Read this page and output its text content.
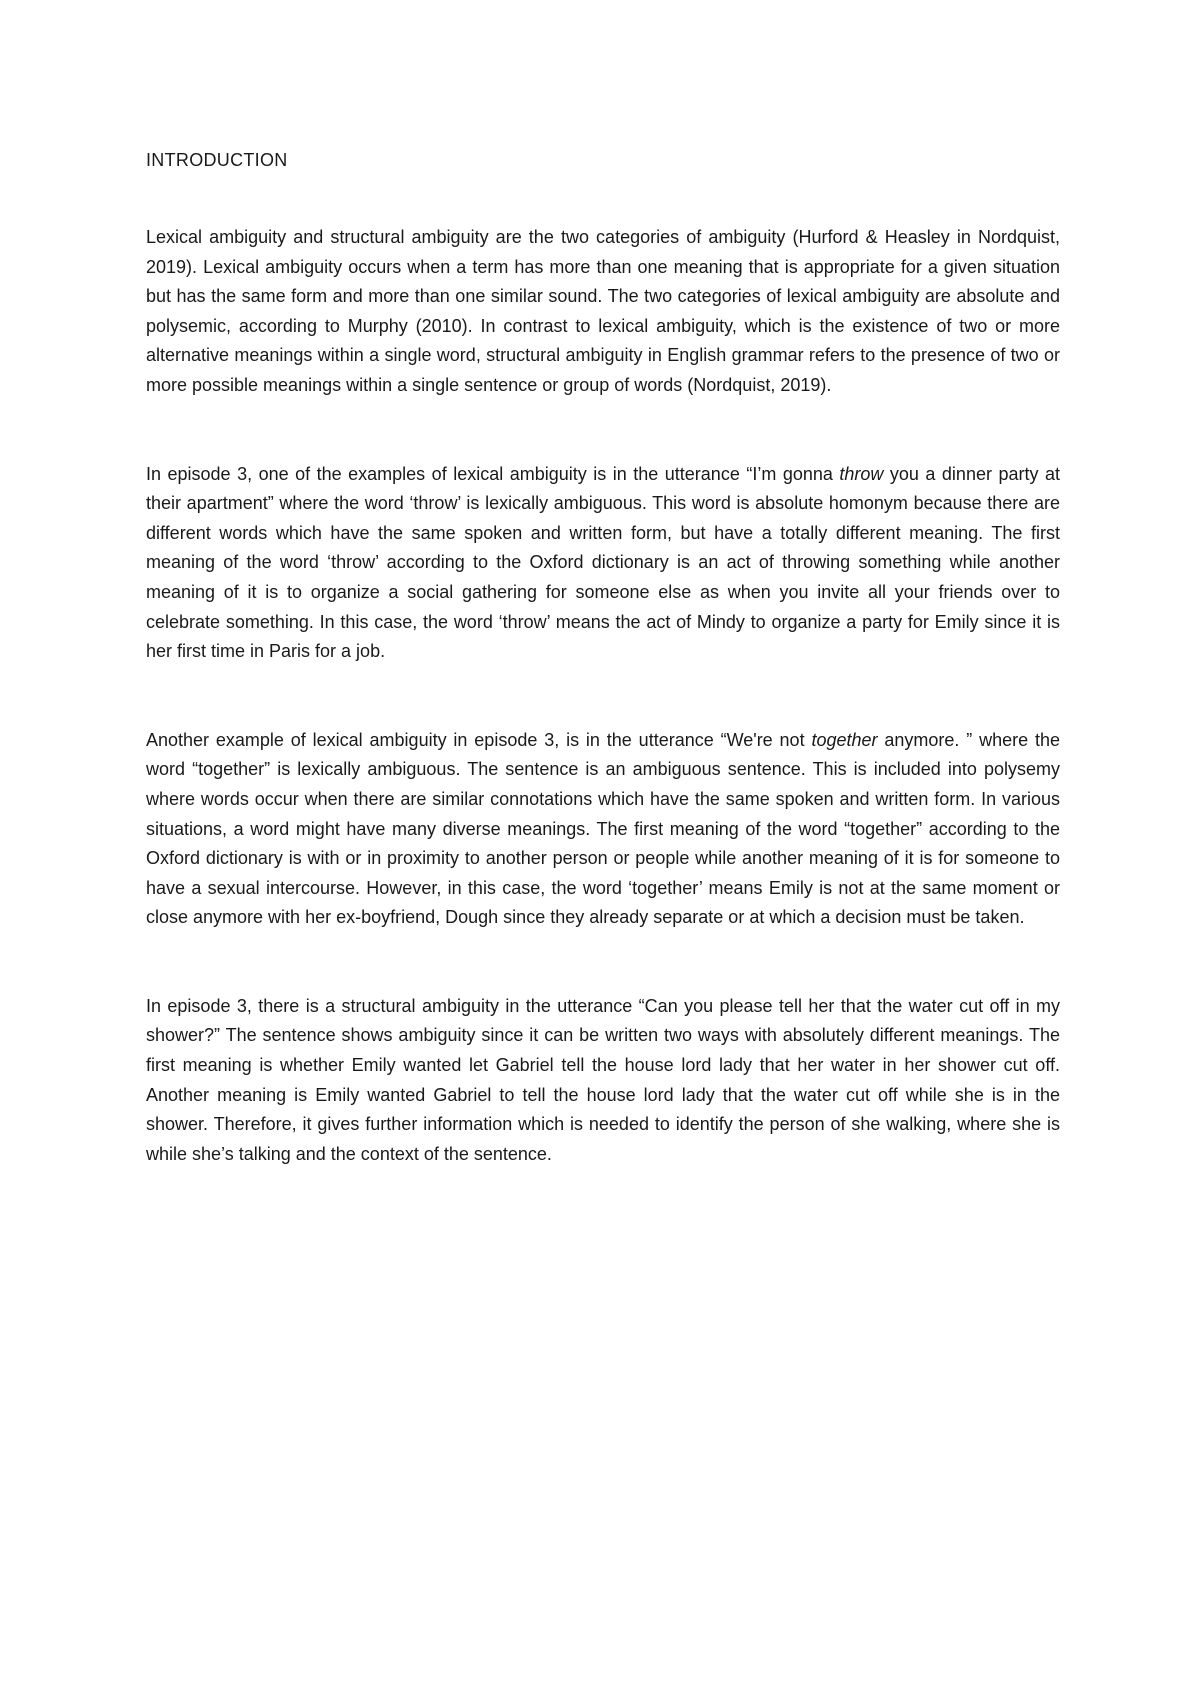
INTRODUCTION

Lexical ambiguity and structural ambiguity are the two categories of ambiguity (Hurford & Heasley in Nordquist, 2019). Lexical ambiguity occurs when a term has more than one meaning that is appropriate for a given situation but has the same form and more than one similar sound. The two categories of lexical ambiguity are absolute and polysemic, according to Murphy (2010). In contrast to lexical ambiguity, which is the existence of two or more alternative meanings within a single word, structural ambiguity in English grammar refers to the presence of two or more possible meanings within a single sentence or group of words (Nordquist, 2019).

In episode 3, one of the examples of lexical ambiguity is in the utterance “I’m gonna throw you a dinner party at their apartment” where the word ‘throw’ is lexically ambiguous. This word is absolute homonym because there are different words which have the same spoken and written form, but have a totally different meaning. The first meaning of the word ‘throw’ according to the Oxford dictionary is an act of throwing something while another meaning of it is to organize a social gathering for someone else as when you invite all your friends over to celebrate something. In this case, the word ‘throw’ means the act of Mindy to organize a party for Emily since it is her first time in Paris for a job.

Another example of lexical ambiguity in episode 3, is in the utterance “We're not together anymore. ” where the word “together” is lexically ambiguous. The sentence is an ambiguous sentence. This is included into polysemy where words occur when there are similar connotations which have the same spoken and written form. In various situations, a word might have many diverse meanings. The first meaning of the word “together” according to the Oxford dictionary is with or in proximity to another person or people while another meaning of it is for someone to have a sexual intercourse. However, in this case, the word ‘together’ means Emily is not at the same moment or close anymore with her ex-boyfriend, Dough since they already separate or at which a decision must be taken.

In episode 3, there is a structural ambiguity in the utterance “Can you please tell her that the water cut off in my shower?” The sentence shows ambiguity since it can be written two ways with absolutely different meanings. The first meaning is whether Emily wanted let Gabriel tell the house lord lady that her water in her shower cut off. Another meaning is Emily wanted Gabriel to tell the house lord lady that the water cut off while she is in the shower. Therefore, it gives further information which is needed to identify the person of she walking, where she is while she’s talking and the context of the sentence.
